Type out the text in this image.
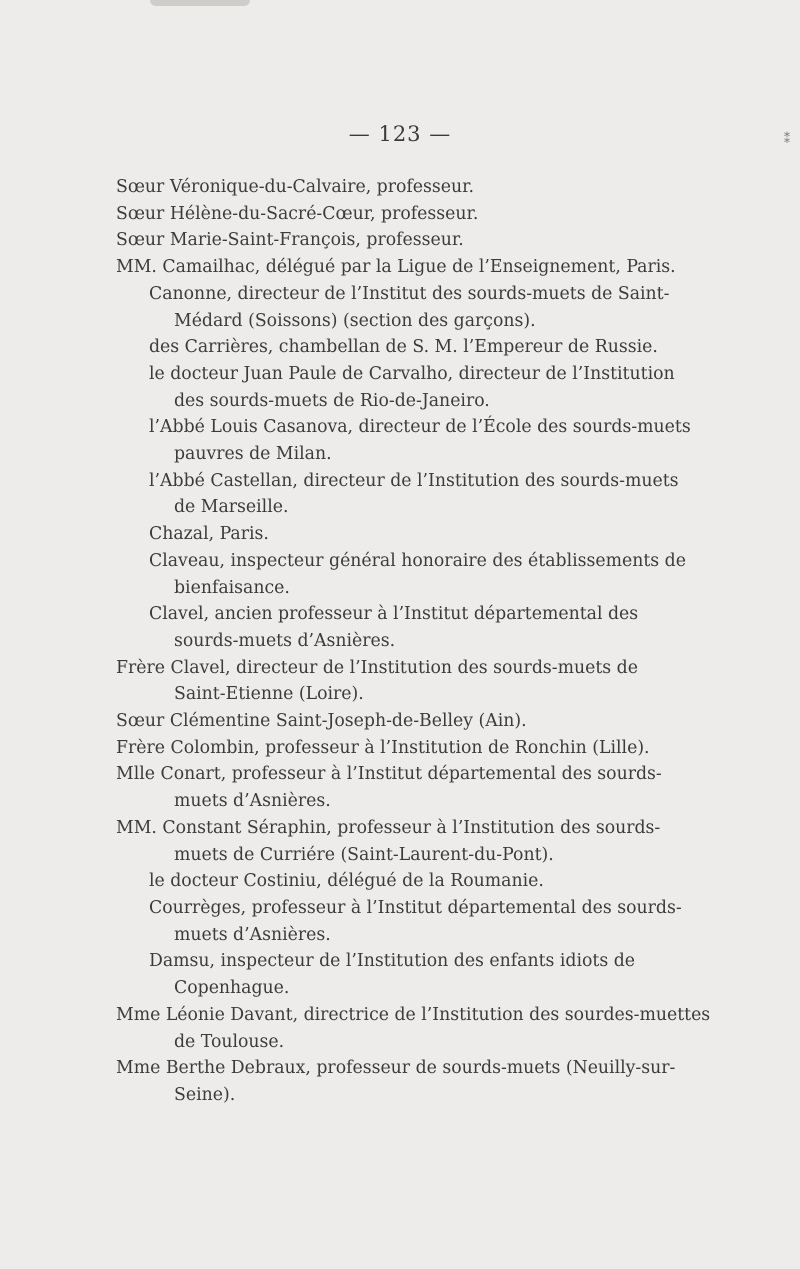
— 123 —	⁑

Sœur Véronique-du-Calvaire, professeur.

Sœur Hélène-du-Sacré-Cœur, professeur.

Sœur Marie-Saint-François, professeur.

MM. Camailhac, délégué par la Ligue de l’Enseignement, Paris.

Canonne, directeur de l’Institut des sourds-muets de Saint-

Médard (Soissons) (section des garçons).

des Carrières, chambellan de S. M. l’Empereur de Russie.

le docteur Juan Paule de Carvalho, directeur de l’Institution

des sourds-muets de Rio-de-Janeiro.

l’Abbé Louis Casanova, directeur de l’École des sourds-muets

pauvres de Milan.

l’Abbé Castellan, directeur de l’Institution des sourds-muets

de Marseille.

Chazal, Paris.

Claveau, inspecteur général honoraire des établissements de

bienfaisance.

Clavel, ancien professeur à l’Institut départemental des

sourds-muets d’Asnières.

Frère Clavel, directeur de l’Institution des sourds-muets de

Saint-Etienne (Loire).

Sœur Clémentine Saint-Joseph-de-Belley (Ain).

Frère Colombin, professeur à l’Institution de Ronchin (Lille).

Mlle Conart, professeur à l’Institut départemental des sourds-

muets d’Asnières.

MM. Constant Séraphin, professeur à l’Institution des sourds-

muets de Curriére (Saint-Laurent-du-Pont).

le docteur Costiniu, délégué de la Roumanie.

Courrèges, professeur à l’Institut départemental des sourds-

muets d’Asnières.

Damsu, inspecteur de l’Institution des enfants idiots de

Copenhague.

Mme Léonie Davant, directrice de l’Institution des sourdes-muettes

de Toulouse.

Mme Berthe Debraux, professeur de sourds-muets (Neuilly-sur-

Seine).
